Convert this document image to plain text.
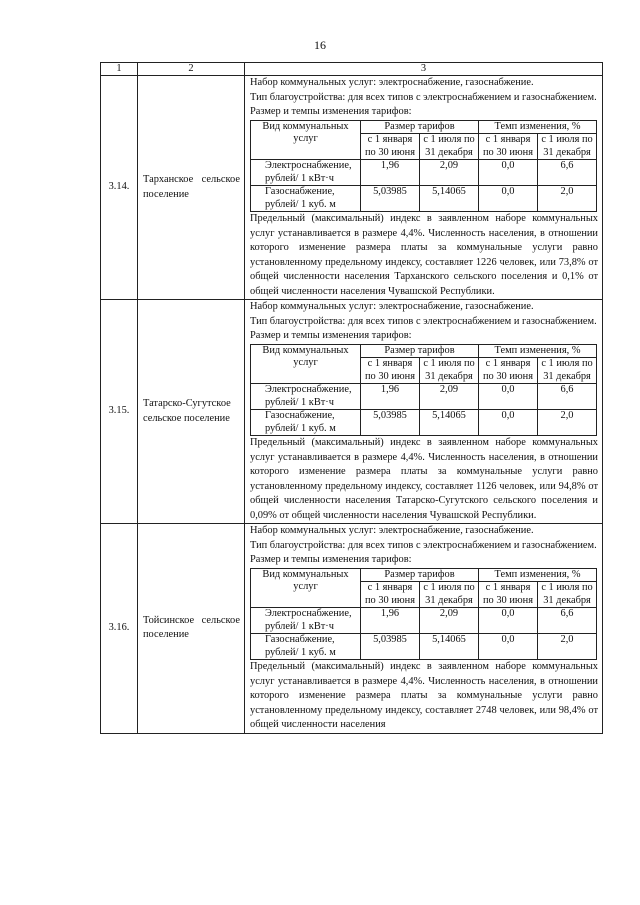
16
1	2	3
3.14.	Тарханское сельское поселение	
Набор коммунальных услуг: электроснабжение, газоснабжение.
Тип благоустройства: для всех типов с электроснабжением и газоснабжением.
Размер и темпы изменения тарифов:
Вид коммунальных услуг	Размер тарифов	Темп изменения, %
с 1 января по 30 июня	с 1 июля по 31 декабря	с 1 января по 30 июня	с 1 июля по 31 декабря
Электроснабжение, рублей/ 1 кВт·ч	1,96	2,09	0,0	6,6
Газоснабжение, рублей/ 1 куб. м	5,03985	5,14065	0,0	2,0
Предельный (максимальный) индекс в заявленном наборе коммунальных услуг устанавливается в размере 4,4%. Численность населения, в отношении которого изменение размера платы за коммунальные услуги равно установленному предельному индексу, составляет 1226 человек, или 73,8% от общей численности населения Тарханского сельского поселения и 0,1% от общей численности населения Чувашской Республики.

3.15.	Татарско-Сугутское сельское поселение	
Набор коммунальных услуг: электроснабжение, газоснабжение.
Тип благоустройства: для всех типов с электроснабжением и газоснабжением.
Размер и темпы изменения тарифов:
Вид коммунальных услуг	Размер тарифов	Темп изменения, %
с 1 января по 30 июня	с 1 июля по 31 декабря	с 1 января по 30 июня	с 1 июля по 31 декабря
Электроснабжение, рублей/ 1 кВт·ч	1,96	2,09	0,0	6,6
Газоснабжение, рублей/ 1 куб. м	5,03985	5,14065	0,0	2,0
Предельный (максимальный) индекс в заявленном наборе коммунальных услуг устанавливается в размере 4,4%. Численность населения, в отношении которого изменение размера платы за коммунальные услуги равно установленному предельному индексу, составляет 1126 человек, или 94,8% от общей численности населения Татарско-Сугутского сельского поселения и 0,09% от общей численности населения Чувашской Республики.

3.16.	Тойсинское сельское поселение	
Набор коммунальных услуг: электроснабжение, газоснабжение.
Тип благоустройства: для всех типов с электроснабжением и газоснабжением.
Размер и темпы изменения тарифов:
Вид коммунальных услуг	Размер тарифов	Темп изменения, %
с 1 января по 30 июня	с 1 июля по 31 декабря	с 1 января по 30 июня	с 1 июля по 31 декабря
Электроснабжение, рублей/ 1 кВт·ч	1,96	2,09	0,0	6,6
Газоснабжение, рублей/ 1 куб. м	5,03985	5,14065	0,0	2,0
Предельный (максимальный) индекс в заявленном наборе коммунальных услуг устанавливается в размере 4,4%. Численность населения, в отношении которого изменение размера платы за коммунальные услуги равно установленному предельному индексу, составляет 2748 человек, или 98,4% от общей численности населения
